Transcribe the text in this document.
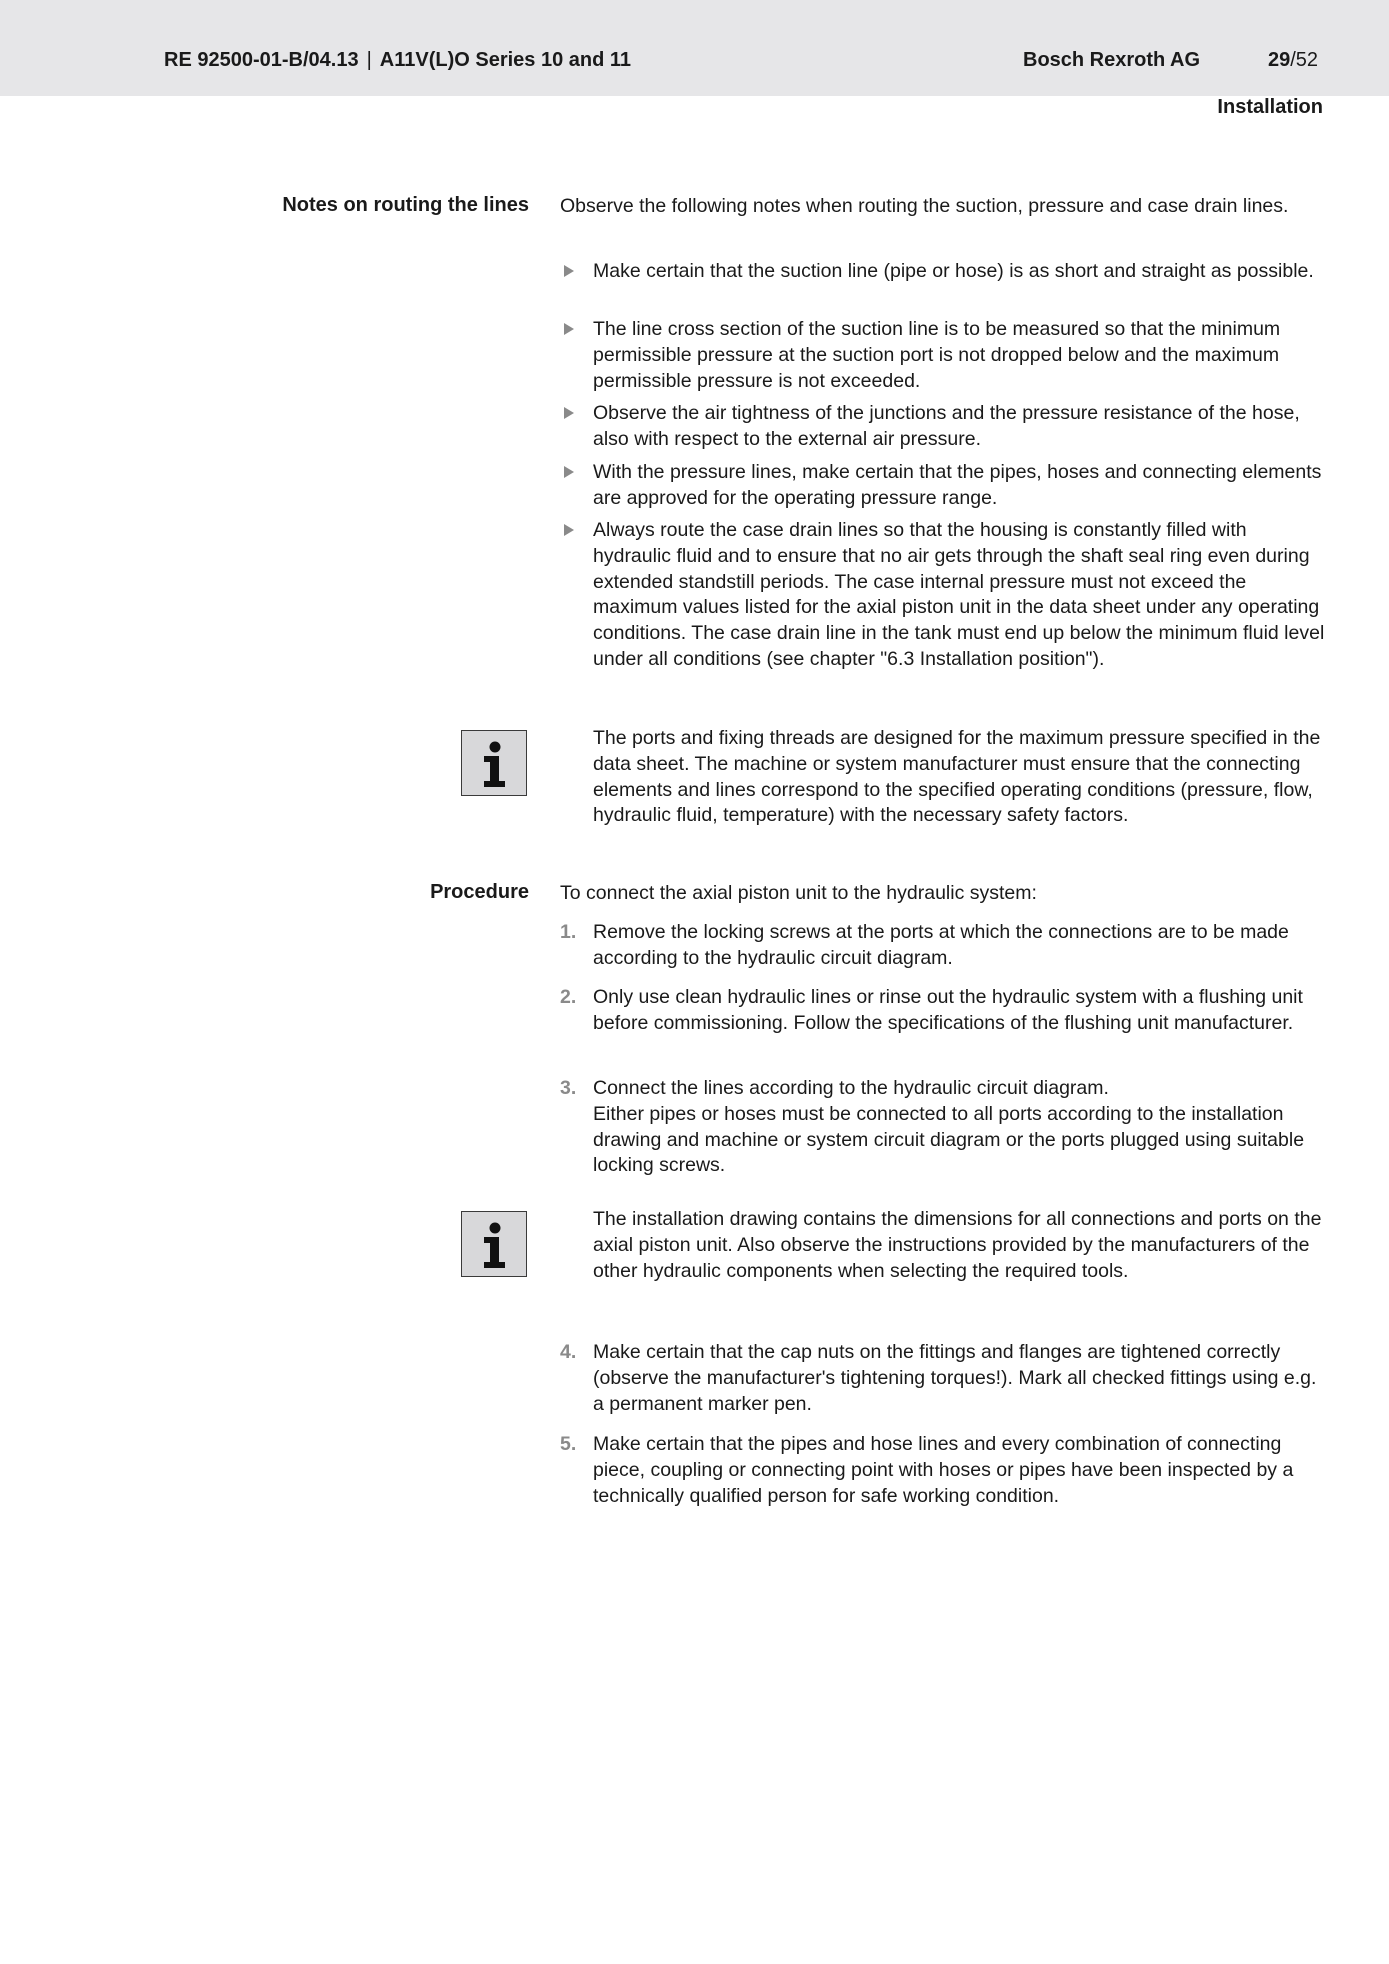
RE 92500-01-B/04.13 | A11V(L)O Series 10 and 11	Bosch Rexroth AG	29/52
Installation
Notes on routing the lines Observe the following notes when routing the suction, pressure and case drain lines.
Make certain that the suction line (pipe or hose) is as short and straight as possible.
The line cross section of the suction line is to be measured so that the minimum permissible pressure at the suction port is not dropped below and the maximum permissible pressure is not exceeded.
Observe the air tightness of the junctions and the pressure resistance of the hose, also with respect to the external air pressure.
With the pressure lines, make certain that the pipes, hoses and connecting elements are approved for the operating pressure range.
Always route the case drain lines so that the housing is constantly filled with hydraulic fluid and to ensure that no air gets through the shaft seal ring even during extended standstill periods. The case internal pressure must not exceed the maximum values listed for the axial piston unit in the data sheet under any operating conditions. The case drain line in the tank must end up below the minimum fluid level under all conditions (see chapter "6.3 Installation position").
The ports and fixing threads are designed for the maximum pressure specified in the data sheet. The machine or system manufacturer must ensure that the connecting elements and lines correspond to the specified operating conditions (pressure, flow, hydraulic fluid, temperature) with the necessary safety factors.
Procedure To connect the axial piston unit to the hydraulic system:
1. Remove the locking screws at the ports at which the connections are to be made according to the hydraulic circuit diagram.
2. Only use clean hydraulic lines or rinse out the hydraulic system with a flushing unit before commissioning. Follow the specifications of the flushing unit manufacturer.
3. Connect the lines according to the hydraulic circuit diagram.
Either pipes or hoses must be connected to all ports according to the installation drawing and machine or system circuit diagram or the ports plugged using suitable locking screws.
The installation drawing contains the dimensions for all connections and ports on the axial piston unit. Also observe the instructions provided by the manufacturers of the other hydraulic components when selecting the required tools.
4. Make certain that the cap nuts on the fittings and flanges are tightened correctly (observe the manufacturer's tightening torques!). Mark all checked fittings using e.g. a permanent marker pen.
5. Make certain that the pipes and hose lines and every combination of connecting piece, coupling or connecting point with hoses or pipes have been inspected by a technically qualified person for safe working condition.
